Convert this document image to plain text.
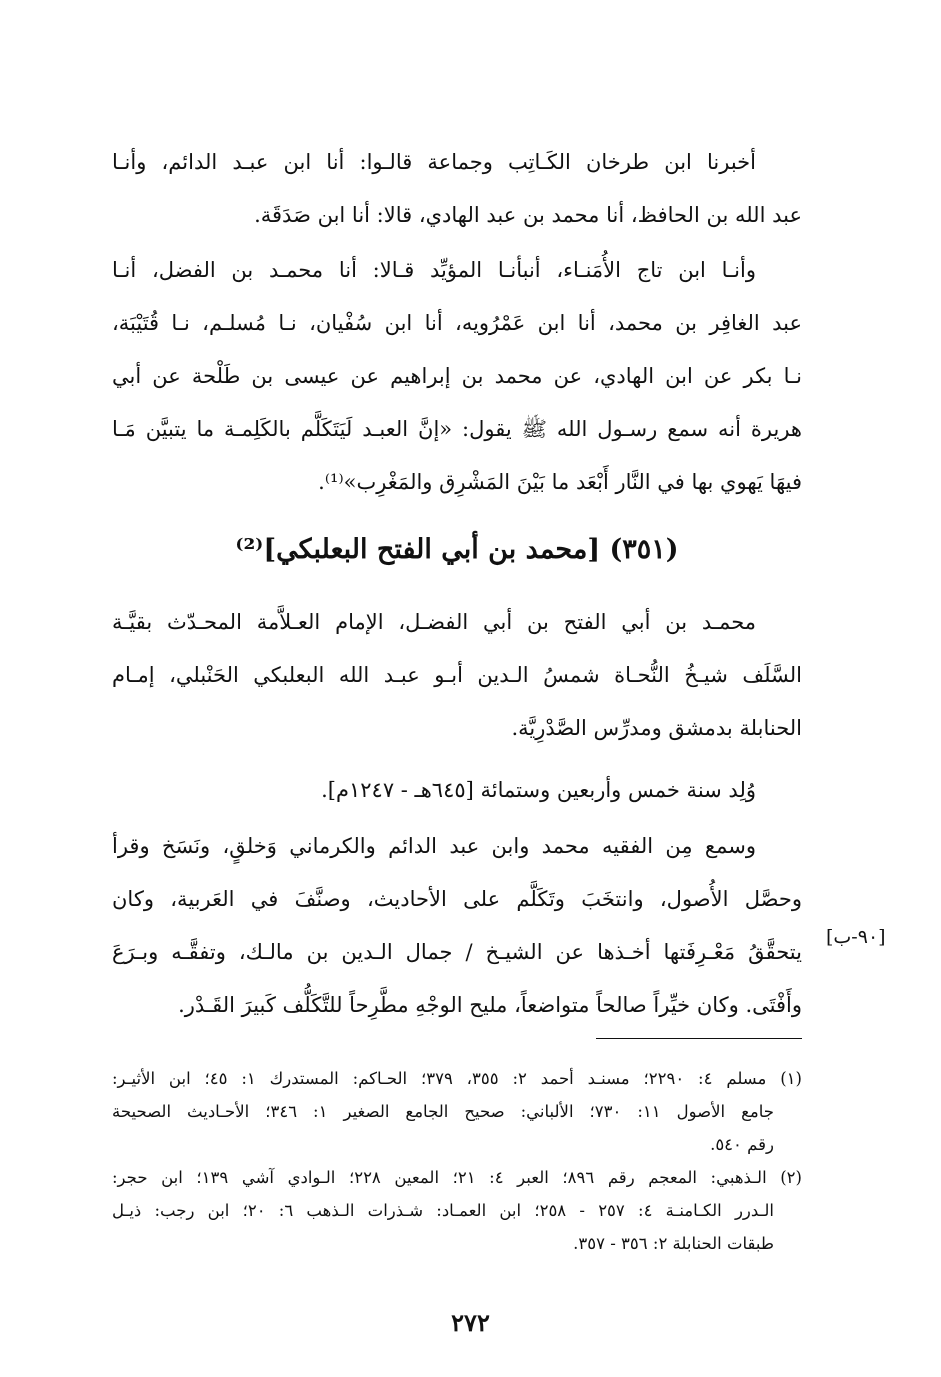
أخبرنا ابن طرخان الكَـاتِب وجماعة قالـوا: أنا ابن عبـد الدائم، وأنـا
عبد الله بن الحافظ، أنا محمد بن عبد الهادي، قالا: أنا ابن صَدَقَة.
وأنـا ابن تاج الأُمَنـاء، أنبأنـا المؤيِّد قـالا: أنا محمـد بن الفضل، أنـا
عبد الغافِر بن محمد، أنا ابن عَمْرُويه، أنا ابن سُفْيان، نـا مُسلـم، نـا قُتَيْبَة،
نـا بكر عن ابن الهادي، عن محمد بن إبراهيم عن عيسى بن طَلْحة عن أبي
هريرة أنه سمع رسـول الله ﷺ يقول: «إنَّ العبـد لَيَتَكَلَّم بالكَلِمـة ما يتبيَّن مَـا
فيهَا يَهوي بها في النَّار أَبْعَد ما بَيْنَ المَشْرِق والمَغْرِب»⁽¹⁾.
(٣٥١) [محمد بن أبي الفتح البعلبكي]⁽²⁾
محمـد بن أبي الفتح بن أبي الفضـل، الإمام العـلاَّمة المحـدّث بقيَّـة
السَّلَف شيـخُ النُّحـاة شمسُ الـدين أبـو عبـد الله البعلبكي الحَنْبلي، إمـام
الحنابلة بدمشق ومدرِّس الصَّدْرِيَّة.
وُلِد سنة خمس وأربعين وستمائة [٦٤٥هـ - ١٢٤٧م].
وسمع مِن الفقيه محمد وابن عبد الدائم والكرماني وَخلقٍ، ونَسَخ وقرأ
وحصَّل الأُصول، وانتخَبَ وتَكَلَّم على الأحاديث، وصنَّفَ في العَربية، وكان
يتحقَّقُ مَعْـرِفَتها أخـذها عن الشيـخ / جمال الـدين بن مالـك، وتفقَّـه وبـرَعَ
وأَفْتَى. وكان خيِّراً صالحاً متواضعاً، مليح الوجْهِ مطَّرِحاً للتَّكَلُّف كَبيرَ القَـدْر.
[٩٠-ب]
(١) مسلم ٤: ٢٢٩٠؛ مسنـد أحمد ٢: ٣٥٥، ٣٧٩؛ الحـاكم: المستدرك ١: ٤٥؛ ابن الأثيـر:
جامع الأصول ١١: ٧٣٠؛ الألباني: صحيح الجامع الصغير ١: ٣٤٦؛ الأحـاديث الصحيحة
رقم ٥٤٠.
(٢) الـذهبي: المعجم رقم ٨٩٦؛ العبر ٤: ٢١؛ المعين ٢٢٨؛ الـوادي آشي ١٣٩؛ ابن حجر:
الـدرر الكـامنـة ٤: ٢٥٧ - ٢٥٨؛ ابن العمـاد: شـذرات الـذهب ٦: ٢٠؛ ابن رجب: ذيـل
طبقات الحنابلة ٢: ٣٥٦ - ٣٥٧.
٢٧٢
